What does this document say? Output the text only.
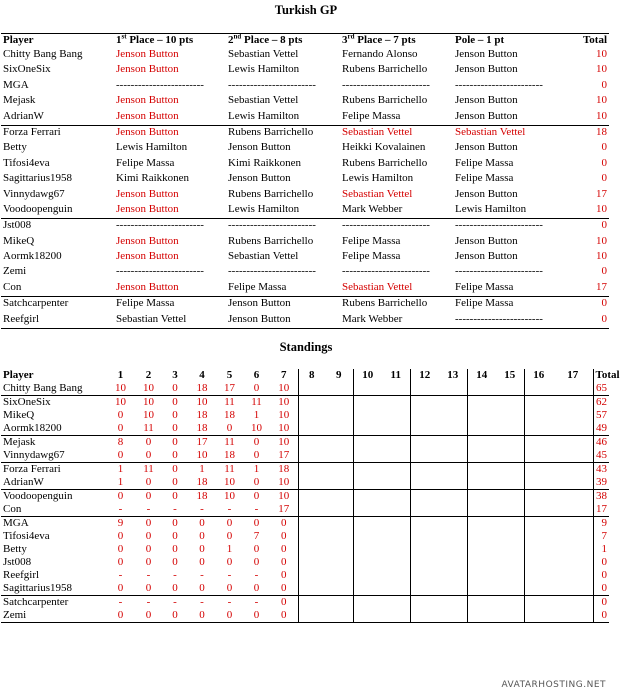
Turkish GP
Player	1st Place – 10 pts	2nd Place – 8 pts	3rd Place – 7 pts	Pole – 1 pt	Total
Chitty Bang Bang	Jenson Button	Sebastian Vettel	Fernando Alonso	Jenson Button	10
SixOneSix	Jenson Button	Lewis Hamilton	Rubens Barrichello	Jenson Button	10
MGA	------------------------	------------------------	------------------------	------------------------	0
Mejask	Jenson Button	Sebastian Vettel	Rubens Barrichello	Jenson Button	10
AdrianW	Jenson Button	Lewis Hamilton	Felipe Massa	Jenson Button	10
Forza Ferrari	Jenson Button	Rubens Barrichello	Sebastian Vettel	Sebastian Vettel	18
Betty	Lewis Hamilton	Jenson Button	Heikki Kovalainen	Jenson Button	0
Tifosi4eva	Felipe Massa	Kimi Raikkonen	Rubens Barrichello	Felipe Massa	0
Sagittarius1958	Kimi Raikkonen	Jenson Button	Lewis Hamilton	Felipe Massa	0
Vinnydawg67	Jenson Button	Rubens Barrichello	Sebastian Vettel	Jenson Button	17
Voodoopenguin	Jenson Button	Lewis Hamilton	Mark Webber	Lewis Hamilton	10
Jst008	------------------------	------------------------	------------------------	------------------------	0
MikeQ	Jenson Button	Rubens Barrichello	Felipe Massa	Jenson Button	10
Aormk18200	Jenson Button	Sebastian Vettel	Felipe Massa	Jenson Button	10
Zemi	------------------------	------------------------	------------------------	------------------------	0
Con	Jenson Button	Felipe Massa	Sebastian Vettel	Felipe Massa	17
Satchcarpenter	Felipe Massa	Jenson Button	Rubens Barrichello	Felipe Massa	0
Reefgirl	Sebastian Vettel	Jenson Button	Mark Webber	------------------------	0
Standings
Player	1	2	3	4	5	6	7	8	9	10	11	12	13	14	15	16	17	Total
Chitty Bang Bang	10	10	0	18	17	0	10											65
SixOneSix	10	10	0	10	11	11	10											62
MikeQ	0	10	0	18	18	1	10											57
Aormk18200	0	11	0	18	0	10	10											49
Mejask	8	0	0	17	11	0	10											46
Vinnydawg67	0	0	0	10	18	0	17											45
Forza Ferrari	1	11	0	1	11	1	18											43
AdrianW	1	0	0	18	10	0	10											39
Voodoopenguin	0	0	0	18	10	0	10											38
Con	-	-	-	-	-	-	17											17
MGA	9	0	0	0	0	0	0											9
Tifosi4eva	0	0	0	0	0	7	0											7
Betty	0	0	0	0	1	0	0											1
Jst008	0	0	0	0	0	0	0											0
Reefgirl	-	-	-	-	-	-	0											0
Sagittarius1958	0	0	0	0	0	0	0											0
Satchcarpenter	-	-	-	-	-	-	0											0
Zemi	0	0	0	0	0	0	0											0
AVATARHOSTING.NET
